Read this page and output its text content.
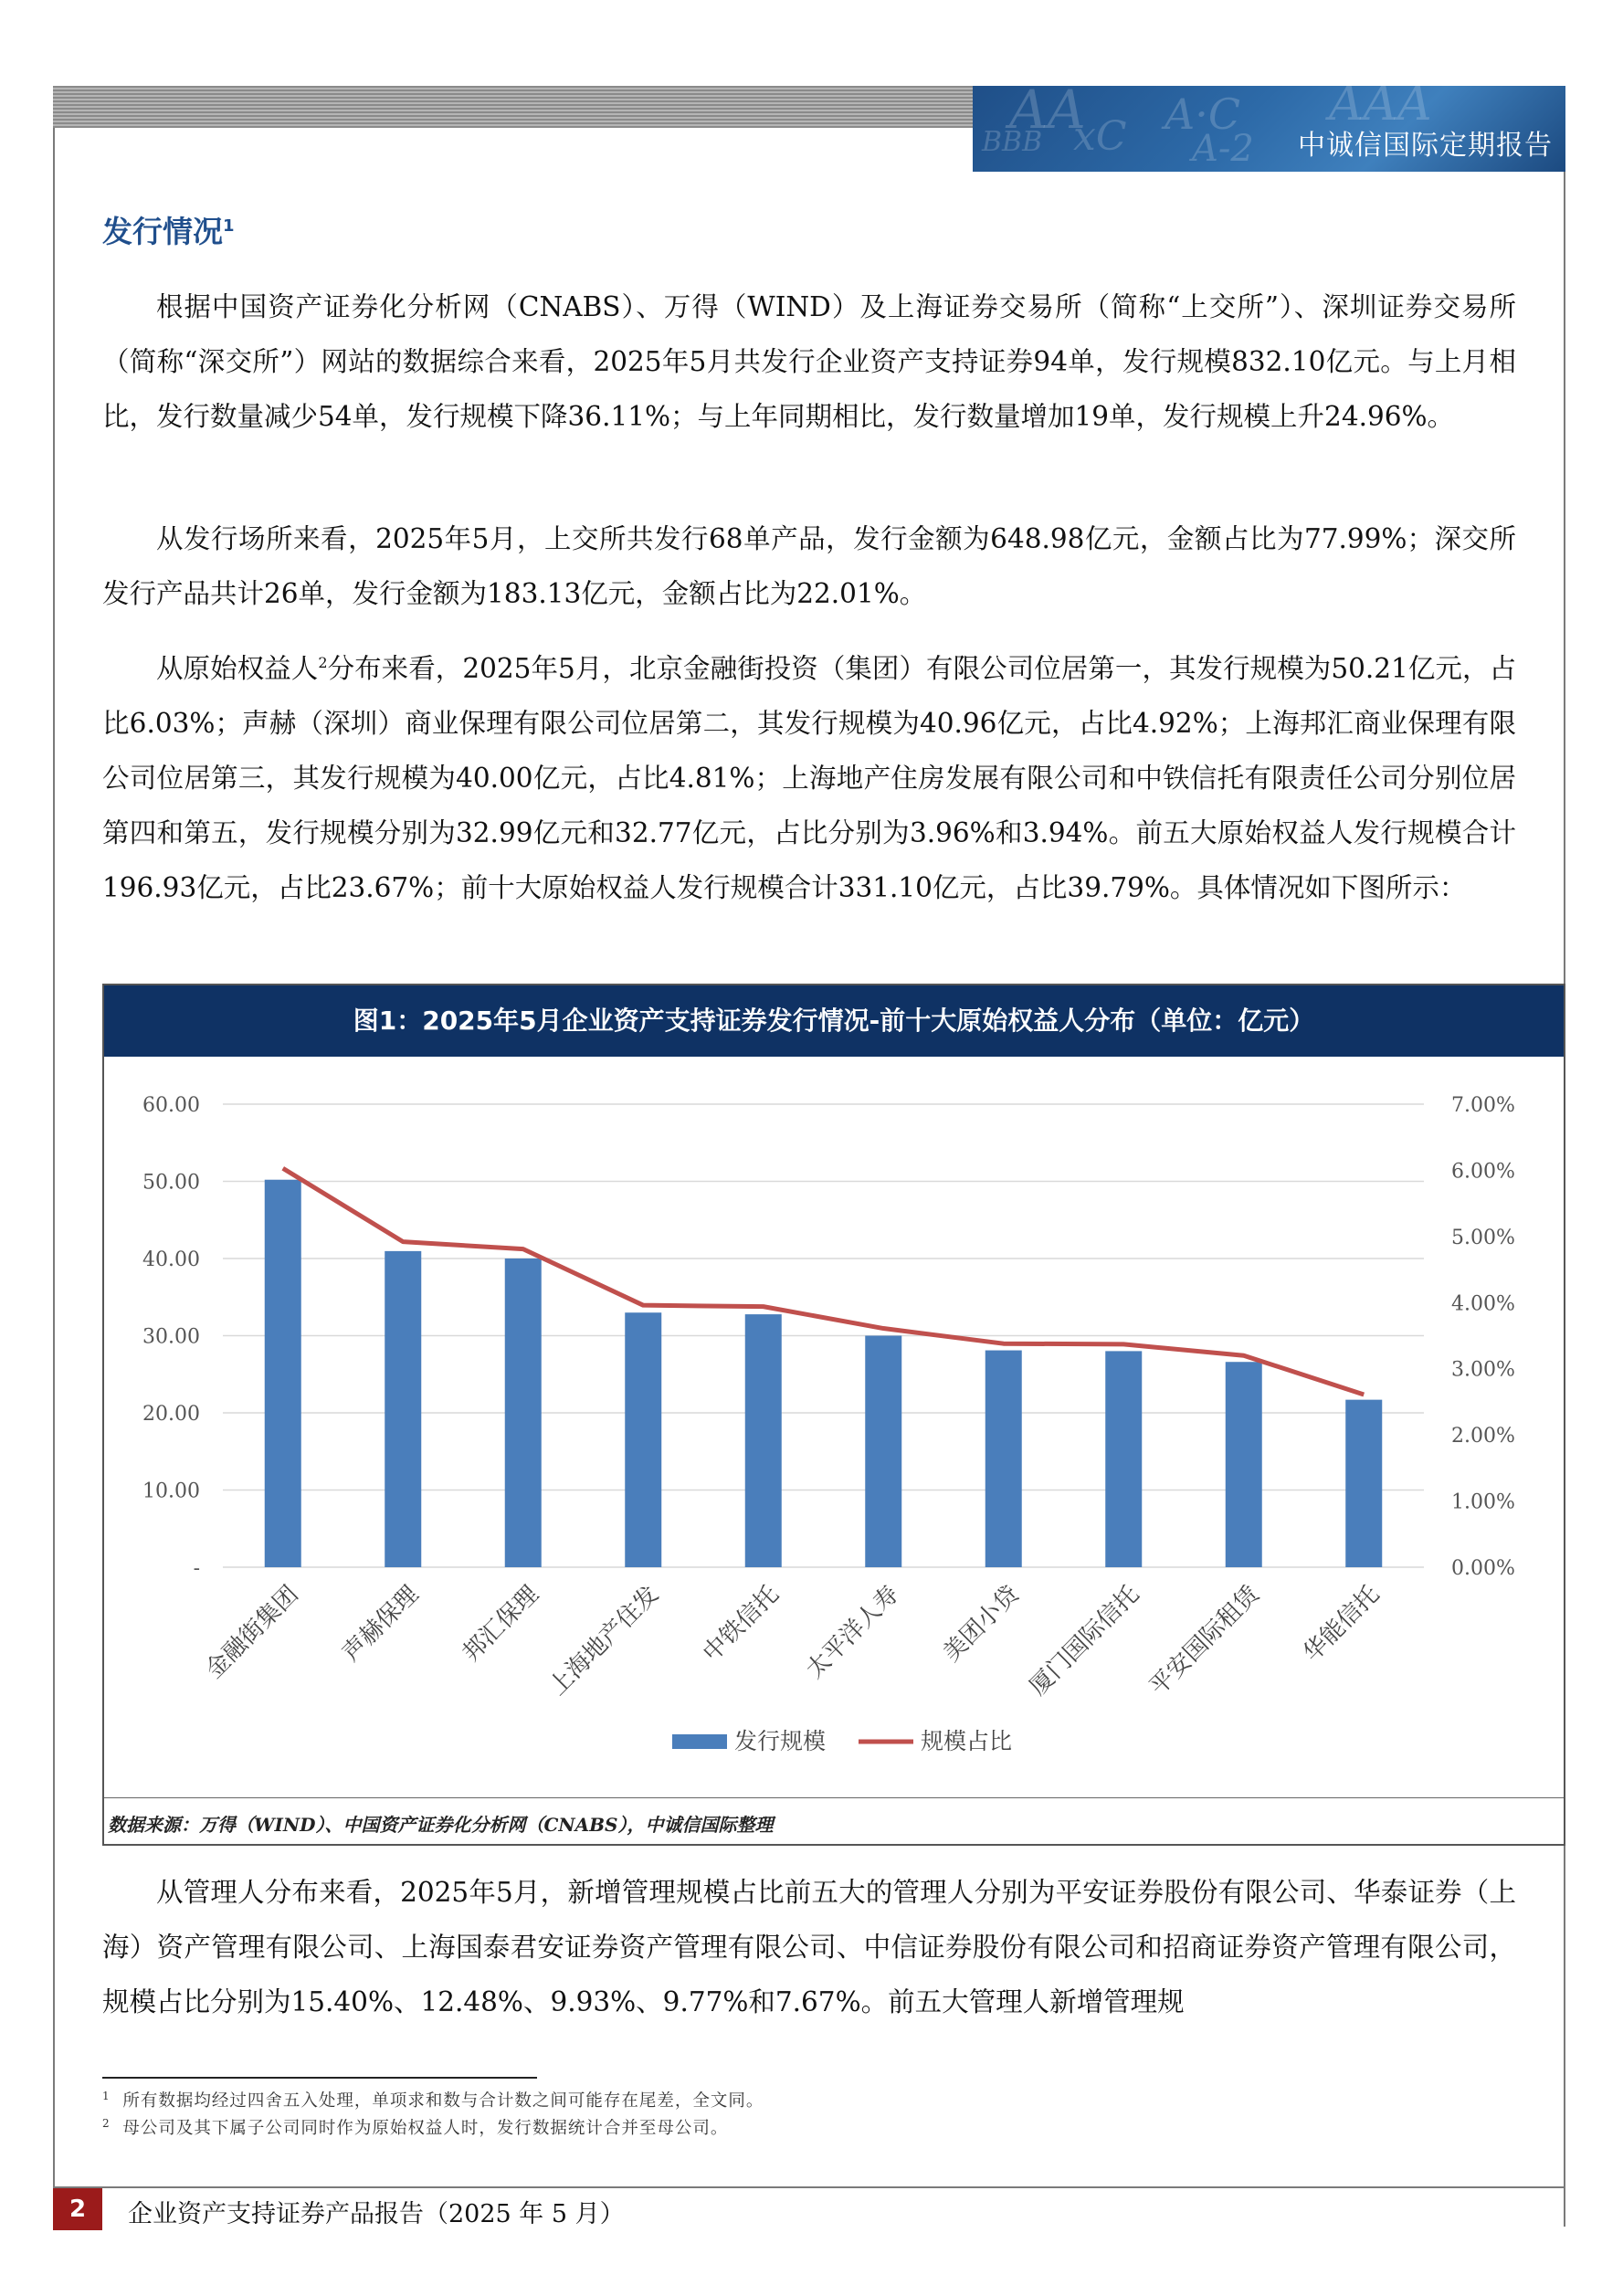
AA A·C AAA
BBB xC A-2 中诚信国际定期报告
发行情况$^1$

根据中国资产证券化分析网（CNABS）、万得（WIND）及上海证券交易所（简称“上交所”）、深圳证券交易所（简称“深交所”）网站的数据综合来看，2025年5月共发行企业资产支持证券94单，发行规模832.10亿元。与上月相比，发行数量减少54单，发行规模下降36.11%；与上年同期相比，发行数量增加19单，发行规模上升24.96%。

从发行场所来看，2025年5月，上交所共发行68单产品，发行金额为648.98亿元，金额占比为77.99%；深交所发行产品共计26单，发行金额为183.13亿元，金额占比为22.01%。

从原始权益人$^2$分布来看，2025年5月，北京金融街投资（集团）有限公司位居第一，其发行规模为50.21亿元，占比6.03%；声赫（深圳）商业保理有限公司位居第二，其发行规模为40.96亿元，占比4.92%；上海邦汇商业保理有限公司位居第三，其发行规模为40.00亿元，占比4.81%；上海地产住房发展有限公司和中铁信托有限责任公司分别位居第四和第五，发行规模分别为32.99亿元和32.77亿元，占比分别为3.96%和3.94%。前五大原始权益人发行规模合计196.93亿元，占比23.67%；前十大原始权益人发行规模合计331.10亿元，占比39.79%。具体情况如下图所示：

图1：2025年5月企业资产支持证券发行情况-前十大原始权益人分布（单位：亿元）
-
10.00
20.00
30.00
40.00
50.00
60.00
0.00%
1.00%
2.00%
3.00%
4.00%
5.00%
6.00%
7.00%
金融街集团 声赫保理 邦汇保理 上海地产住发 中铁信托 太平洋人寿 美团小贷 厦门国际信托 平安国际租赁 华能信托
发行规模	规模占比
数据来源：万得（WIND）、中国资产证券化分析网（CNABS），中诚信国际整理

从管理人分布来看，2025年5月，新增管理规模占比前五大的管理人分别为平安证券股份有限公司、华泰证券（上海）资产管理有限公司、上海国泰君安证券资产管理有限公司、中信证券股份有限公司和招商证券资产管理有限公司，规模占比分别为15.40%、12.48%、9.93%、9.77%和7.67%。前五大管理人新增管理规

$^1$ 所有数据均经过四舍五入处理，单项求和数与合计数之间可能存在尾差，全文同。
$^2$ 母公司及其下属子公司同时作为原始权益人时，发行数据统计合并至母公司。
2	企业资产支持证券产品报告（2025 年 5 月）
